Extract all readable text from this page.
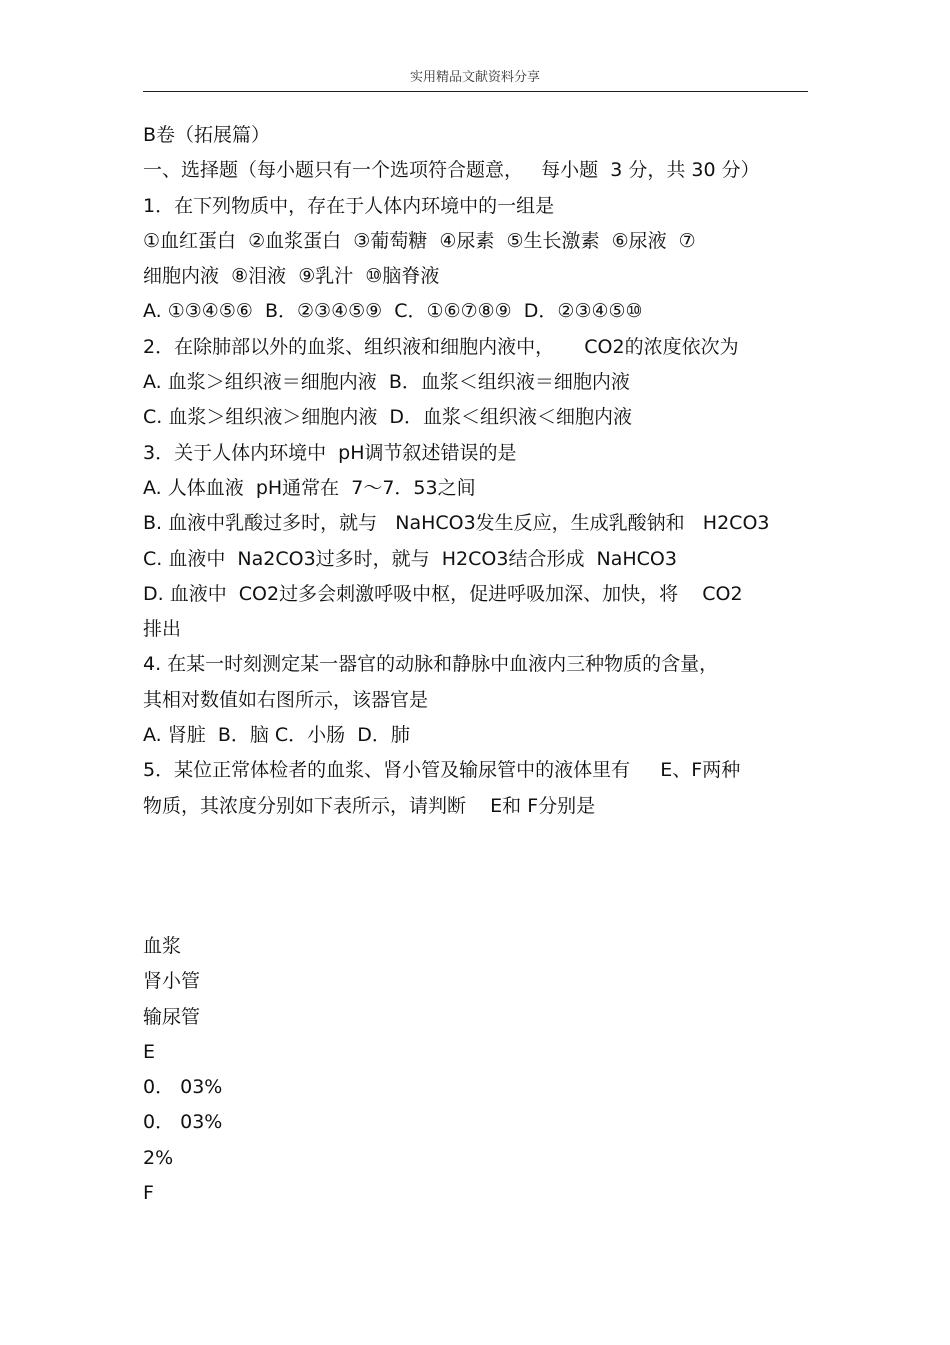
实用精品文献资料分享
B卷（拓展篇）
一、选择题（每小题只有一个选项符合题意，   每小题  3 分，共 30 分）
1．在下列物质中，存在于人体内环境中的一组是
①血红蛋白  ②血浆蛋白  ③葡萄糖  ④尿素  ⑤生长激素  ⑥尿液  ⑦
细胞内液  ⑧泪液  ⑨乳汁  ⑩脑脊液
A. ①③④⑤⑥  B．②③④⑤⑨  C．①⑥⑦⑧⑨  D．②③④⑤⑩
2．在除肺部以外的血浆、组织液和细胞内液中，     CO2的浓度依次为
A. 血浆＞组织液＝细胞内液  B．血浆＜组织液＝细胞内液
C. 血浆＞组织液＞细胞内液  D．血浆＜组织液＜细胞内液
3．关于人体内环境中  pH调节叙述错误的是
A. 人体血液  pH通常在  7～7．53之间
B. 血液中乳酸过多时，就与   NaHCO3发生反应，生成乳酸钠和   H2CO3
C. 血液中  Na2CO3过多时，就与  H2CO3结合形成  NaHCO3
D. 血液中  CO2过多会刺激呼吸中枢，促进呼吸加深、加快，将    CO2
排出
4. 在某一时刻测定某一器官的动脉和静脉中血液内三种物质的含量，
其相对数值如右图所示，该器官是
A. 肾脏  B．脑 C．小肠  D．肺
5．某位正常体检者的血浆、肾小管及输尿管中的液体里有     E、F两种
物质，其浓度分别如下表所示，请判断    E和 F分别是
血浆
肾小管
输尿管
E
0． 03%
0． 03%
2%
F
